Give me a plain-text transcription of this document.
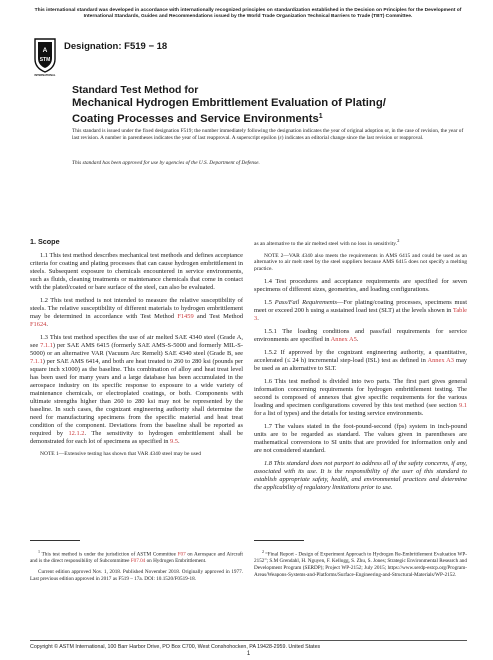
This international standard was developed in accordance with internationally recognized principles on standardization established in the Decision on Principles for the Development of International Standards, Guides and Recommendations issued by the World Trade Organization Technical Barriers to Trade (TBT) Committee.
A
STM
INTERNATIONAL
Designation: F519 − 18
Standard Test Method for
Mechanical Hydrogen Embrittlement Evaluation of Plating/
Coating Processes and Service Environments$^1$
This standard is issued under the fixed designation F519; the number immediately following the designation indicates the year of original adoption or, in the case of revision, the year of last revision. A number in parentheses indicates the year of last reapproval. A superscript epsilon (ε) indicates an editorial change since the last revision or reapproval.
This standard has been approved for use by agencies of the U.S. Department of Defense.
1. Scope

1.1 This test method describes mechanical test methods and defines acceptance criteria for coating and plating processes that can cause hydrogen embrittlement in steels. Subsequent exposure to chemicals encountered in service environments, such as fluids, cleaning treatments or maintenance chemicals that come in contact with the plated/coated or bare surface of the steel, can also be evaluated.

1.2 This test method is not intended to measure the relative susceptibility of steels. The relative susceptibility of different materials to hydrogen embrittlement may be determined in accordance with Test Method F1459 and Test Method F1624.

1.3 This test method specifies the use of air melted SAE 4340 steel (Grade A, see 7.1.1) per SAE AMS 6415 (formerly SAE AMS-S-5000 and formerly MIL-S-5000) or an alternative VAR (Vacuum Arc Remelt) SAE 4340 steel (Grade B, see 7.1.1) per SAE AMS 6414, and both are heat treated to 260 to 280 ksi (pounds per square inch x1000) as the baseline. This combination of alloy and heat treat level has been used for many years and a large database has been accumulated in the aerospace industry on its specific response to exposure to a wide variety of maintenance chemicals, or electroplated coatings, or both. Components with ultimate strengths higher than 260 to 280 ksi may not be represented by the baseline. In such cases, the cognizant engineering authority shall determine the need for manufacturing specimens from the specific material and heat treat condition of the component. Deviations from the baseline shall be reported as required by 12.1.2. The sensitivity to hydrogen embrittlement shall be demonstrated for each lot of specimens as specified in 9.5.

NOTE 1—Extensive testing has shown that VAR 4340 steel may be used

as an alternative to the air melted steel with no loss in sensitivity.$^2$

NOTE 2—VAR 4340 also meets the requirements in AMS 6415 and could be used as an alternative to air melt steel by the steel suppliers because AMS 6415 does not specify a melting practice.

1.4 Test procedures and acceptance requirements are specified for seven specimens of different sizes, geometries, and loading configurations.

1.5 Pass/Fail Requirements—For plating/coating processes, specimens must meet or exceed 200 h using a sustained load test (SLT) at the levels shown in Table 3.

1.5.1 The loading conditions and pass/fail requirements for service environments are specified in Annex A5.

1.5.2 If approved by the cognizant engineering authority, a quantitative, accelerated (≤ 24 h) incremental step-load (ISL) test as defined in Annex A3 may be used as an alternative to SLT.

1.6 This test method is divided into two parts. The first part gives general information concerning requirements for hydrogen embrittlement testing. The second is composed of annexes that give specific requirements for the various loading and specimen configurations covered by this test method (see section 9.1 for a list of types) and the details for testing service environments.

1.7 The values stated in the foot-pound-second (fps) system in inch-pound units are to be regarded as standard. The values given in parentheses are mathematical conversions to SI units that are provided for information only and are not considered standard.

1.8 This standard does not purport to address all of the safety concerns, if any, associated with its use. It is the responsibility of the user of this standard to establish appropriate safety, health, and environmental practices and determine the applicability of regulatory limitations prior to use.

$^1$ This test method is under the jurisdiction of ASTM Committee F07 on Aerospace and Aircraft and is the direct responsibility of Subcommittee F07.04 on Hydrogen Embrittlement.

Current edition approved Nov. 1, 2018. Published November 2018. Originally approved in 1977. Last previous edition approved in 2017 as F519 – 17a. DOI: 10.1520/F0519-18.

$^2$ “Final Report - Design of Experiment Approach to Hydrogen Re-Embrittlement Evaluation WP-2152”; S.M Grendahl, H. Nguyen, F. Kellogg, S. Zhu, S. Jones; Strategic Environmental Research and Development Program (SERDP); Project WP-2152; July 2015; https://www.serdp-estcp.org/Program-Areas/Weapons-Systems-and-Platforms/Surface-Engineering-and-Structural-Materials/WP-2152.

Copyright © ASTM International, 100 Barr Harbor Drive, PO Box C700, West Conshohocken, PA 19428-2959. United States
1
